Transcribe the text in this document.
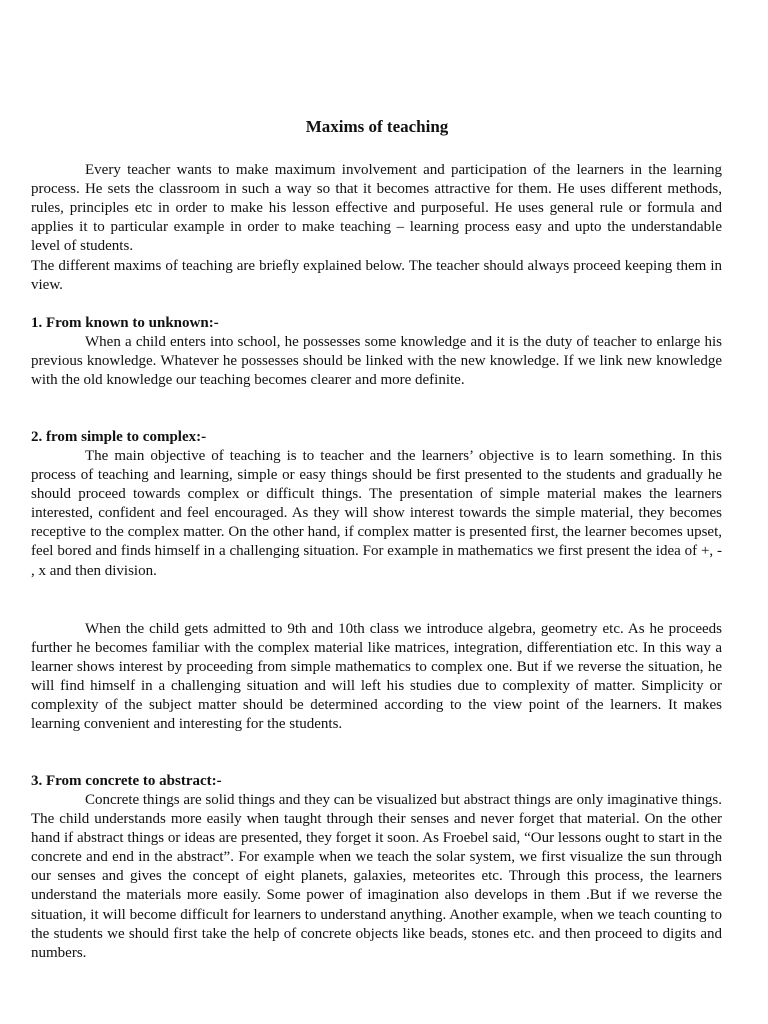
Maxims of teaching

Every teacher wants to make maximum involvement and participation of the learners in the learning process. He sets the classroom in such a way so that it becomes attractive for them. He uses different methods, rules, principles etc in order to make his lesson effective and purposeful. He uses general rule or formula and applies it to particular example in order to make teaching – learning process easy and upto the understandable level of students.

The different maxims of teaching are briefly explained below. The teacher should always proceed keeping them in view.

1. From known to unknown:-

When a child enters into school, he possesses some knowledge and it is the duty of teacher to enlarge his previous knowledge. Whatever he possesses should be linked with the new knowledge. If we link new knowledge with the old knowledge our teaching becomes clearer and more definite.

2. from simple to complex:-

The main objective of teaching is to teacher and the learners’ objective is to learn something. In this process of teaching and learning, simple or easy things should be first presented to the students and gradually he should proceed towards complex or difficult things. The presentation of simple material makes the learners interested, confident and feel encouraged. As they will show interest towards the simple material, they becomes receptive to the complex matter. On the other hand, if complex matter is presented first, the learner becomes upset, feel bored and finds himself in a challenging situation. For example in mathematics we first present the idea of +, - , x and then division.

When the child gets admitted to 9th and 10th class we introduce algebra, geometry etc. As he proceeds further he becomes familiar with the complex material like matrices, integration, differentiation etc. In this way a learner shows interest by proceeding from simple mathematics to complex one. But if we reverse the situation, he will find himself in a challenging situation and will left his studies due to complexity of matter. Simplicity or complexity of the subject matter should be determined according to the view point of the learners. It makes learning convenient and interesting for the students.

3. From concrete to abstract:-

Concrete things are solid things and they can be visualized but abstract things are only imaginative things. The child understands more easily when taught through their senses and never forget that material. On the other hand if abstract things or ideas are presented, they forget it soon. As Froebel said, “Our lessons ought to start in the concrete and end in the abstract”. For example when we teach the solar system, we first visualize the sun through our senses and gives the concept of eight planets, galaxies, meteorites etc. Through this process, the learners understand the materials more easily. Some power of imagination also develops in them .But if we reverse the situation, it will become difficult for learners to understand anything. Another example, when we teach counting to the students we should first take the help of concrete objects like beads, stones etc. and then proceed to digits and numbers.
